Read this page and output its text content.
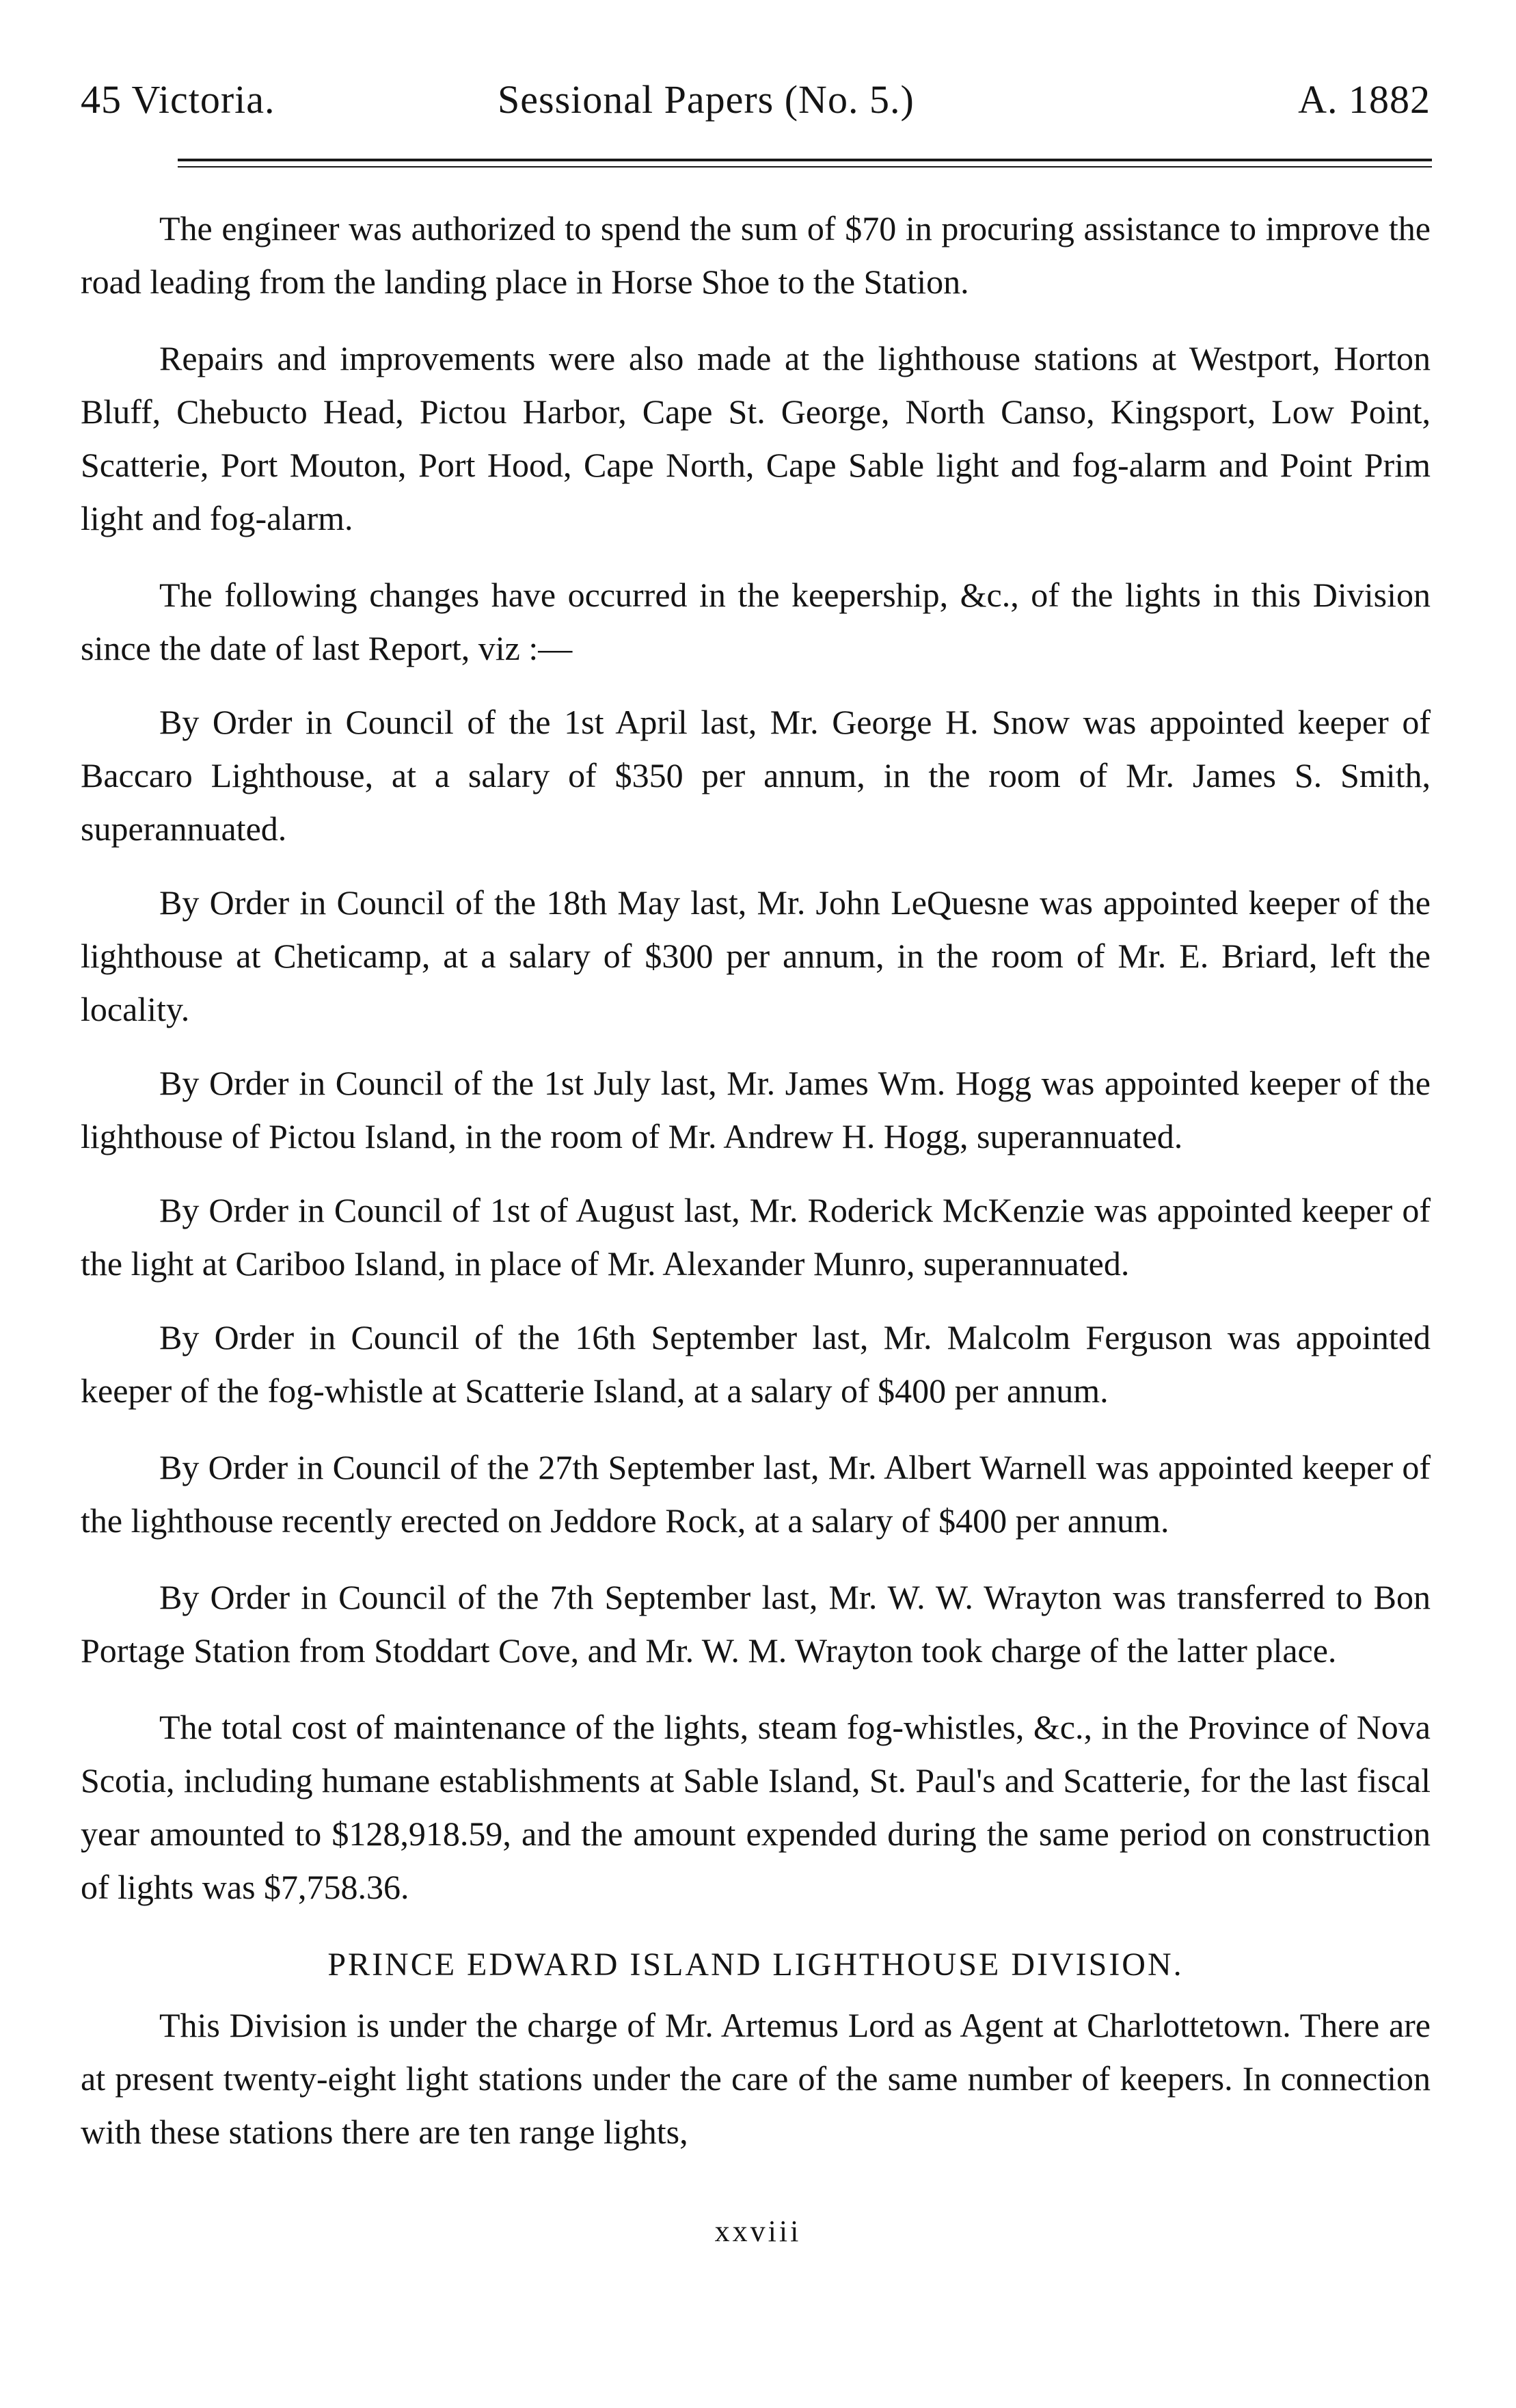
45 Victoria.	Sessional Papers (No. 5.)	A. 1882

The engineer was authorized to spend the sum of $70 in procuring assistance to improve the road leading from the landing place in Horse Shoe to the Station.

Repairs and improvements were also made at the lighthouse stations at Westport, Horton Bluff, Chebucto Head, Pictou Harbor, Cape St. George, North Canso, Kingsport, Low Point, Scatterie, Port Mouton, Port Hood, Cape North, Cape Sable light and fog-alarm and Point Prim light and fog-alarm.

The following changes have occurred in the keepership, &c., of the lights in this Division since the date of last Report, viz :—

By Order in Council of the 1st April last, Mr. George H. Snow was appointed keeper of Baccaro Lighthouse, at a salary of $350 per annum, in the room of Mr. James S. Smith, superannuated.

By Order in Council of the 18th May last, Mr. John LeQuesne was appointed keeper of the lighthouse at Cheticamp, at a salary of $300 per annum, in the room of Mr. E. Briard, left the locality.

By Order in Council of the 1st July last, Mr. James Wm. Hogg was appointed keeper of the lighthouse of Pictou Island, in the room of Mr. Andrew H. Hogg, superannuated.

By Order in Council of 1st of August last, Mr. Roderick McKenzie was appointed keeper of the light at Cariboo Island, in place of Mr. Alexander Munro, superannuated.

By Order in Council of the 16th September last, Mr. Malcolm Ferguson was appointed keeper of the fog-whistle at Scatterie Island, at a salary of $400 per annum.

By Order in Council of the 27th September last, Mr. Albert Warnell was appointed keeper of the lighthouse recently erected on Jeddore Rock, at a salary of $400 per annum.

By Order in Council of the 7th September last, Mr. W. W. Wrayton was transferred to Bon Portage Station from Stoddart Cove, and Mr. W. M. Wrayton took charge of the latter place.

The total cost of maintenance of the lights, steam fog-whistles, &c., in the Province of Nova Scotia, including humane establishments at Sable Island, St. Paul's and Scatterie, for the last fiscal year amounted to $128,918.59, and the amount expended during the same period on construction of lights was $7,758.36.

PRINCE EDWARD ISLAND LIGHTHOUSE DIVISION.

This Division is under the charge of Mr. Artemus Lord as Agent at Charlottetown. There are at present twenty-eight light stations under the care of the same number of keepers. In connection with these stations there are ten range lights,

xxviii
